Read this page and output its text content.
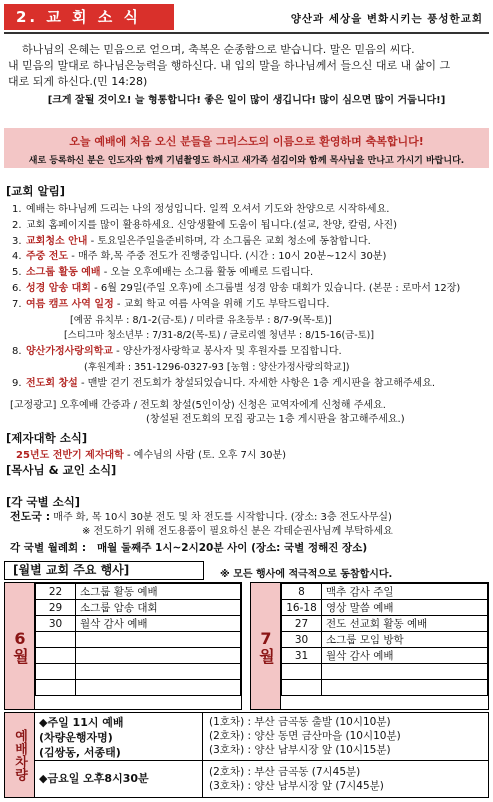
2. 교 회 소 식	양산과 세상을 변화시키는 풍성한교회

하나님의 은혜는 믿음으로 얻으며, 축복은 순종함으로 받습니다. 말은 믿음의 씨다.

내 믿음의 말대로 하나님은능력을 행하신다. 내 입의 말을 하나님께서 들으신 대로 내 삶이 그

대로 되게 하신다.(민 14:28)

[크게 잘될 것이오! 늘 형통합니다! 좋은 일이 많이 생깁니다! 많이 심으면 많이 거둡니다!]

오늘 예배에 처음 오신 분들을 그리스도의 이름으로 환영하며 축복합니다!
새로 등록하신 분은 인도자와 함께 기념촬영도 하시고 새가족 섬김이와 함께 목사님을 만나고 가시기 바랍니다.
[교회 알림]
1. 예배는 하나님께 드리는 나의 정성입니다. 일찍 오셔서 기도와 찬양으로 시작하세요.
2. 교회 홈페이지를 많이 활용하세요. 신앙생활에 도움이 됩니다.(설교, 찬양, 칼럼, 사진)
3. 교회청소 안내 - 토요일은주일을준비하며, 각 소그룹은 교회 청소에 동참합니다.
4. 주중 전도 - 매주 화,목 주중 전도가 진행중입니다. (시간 : 10시 20분~12시 30분)
5. 소그룹 활동 예배 - 오늘 오후예배는 소그룹 활동 예배로 드립니다.
6. 성경 암송 대회 - 6월 29일(주일 오후)에 소그룹별 성경 암송 대회가 있습니다. (본문 : 로마서 12장)
7. 여름 캠프 사역 일정 - 교회 학교 여름 사역을 위해 기도 부탁드립니다.
[예꿈 유치부 : 8/1-2(금-토) / 미라클 유초등부 : 8/7-9(목-토)]
[스티그마 청소년부 : 7/31-8/2(목-토) / 글로리엘 청년부 : 8/15-16(금-토)]
8. 양산가정사랑의학교 - 양산가정사랑학교 봉사자 및 후원자를 모집합니다.
(후원계좌 : 351-1296-0327-93 [농협 : 양산가정사랑의학교])
9. 전도회 창설 - 맨발 걷기 전도회가 창설되었습니다. 자세한 사항은 1층 게시판을 참고해주세요.
[고정광고] 오후예배 간증과 / 전도회 창설(5인이상) 신청은 교역자에게 신청해 주세요.
(창설된 전도회의 모집 광고는 1층 게시판을 참고해주세요.)
[제자대학 소식]
25년도 전반기 제자대학 - 예수님의 사람 (토. 오후 7시 30분)
[목사님 & 교인 소식]
[각 국별 소식]
전도국 : 매주 화, 목 10시 30분 전도 및 차 전도를 시작합니다. (장소: 3층 전도사무실)
※ 전도하기 위해 전도용품이 필요하신 분은 각테순권사님께 부탁하세요
각 국별 월례회 : 매월 둘째주 1시~2시20분 사이 (장소: 국별 정해진 장소)
[월별 교회 주요 행사]	※ 모든 행사에 적극적으로 동참합시다.
6월
22	소그룹 활동 예배
29	소그룹 암송 대회
30	월삭 감사 예배

7월
8	맥추 감사 주일
16-18	영상 말씀 예배
27	전도 선교회 활동 예배
30	소그룹 모임 방학
31	월삭 감사 예배

예배차량
◆주일 11시 예배
(차량운행자명)
(김쌍동, 서종태)
(1호차) : 부산 금곡동 출발 (10시10분)
(2호차) : 양산 동면 금산마을 (10시10분)
(3호차) : 양산 남부시장 앞 (10시15분)
◆금요일 오후8시30분	(2호차) : 부산 금곡동 (7시45분)
(3호차) : 양산 남부시장 앞 (7시45분)
